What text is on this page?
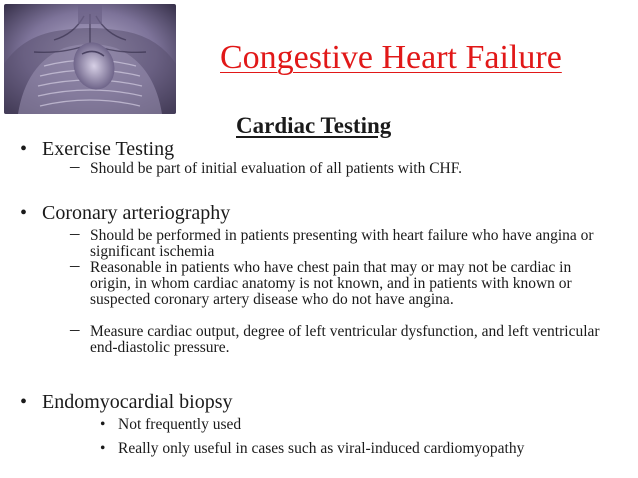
Congestive Heart Failure
Cardiac Testing
• Exercise Testing
– Should be part of initial evaluation of all patients with CHF.
• Coronary arteriography
– Should be performed in patients presenting with heart failure who have angina or significant ischemia
– Reasonable in patients who have chest pain that may or may not be cardiac in origin, in whom cardiac anatomy is not known, and in patients with known or suspected coronary artery disease who do not have angina.
– Measure cardiac output, degree of left ventricular dysfunction, and left ventricular end-diastolic pressure.
• Endomyocardial biopsy
• Not frequently used
• Really only useful in cases such as viral-induced cardiomyopathy
